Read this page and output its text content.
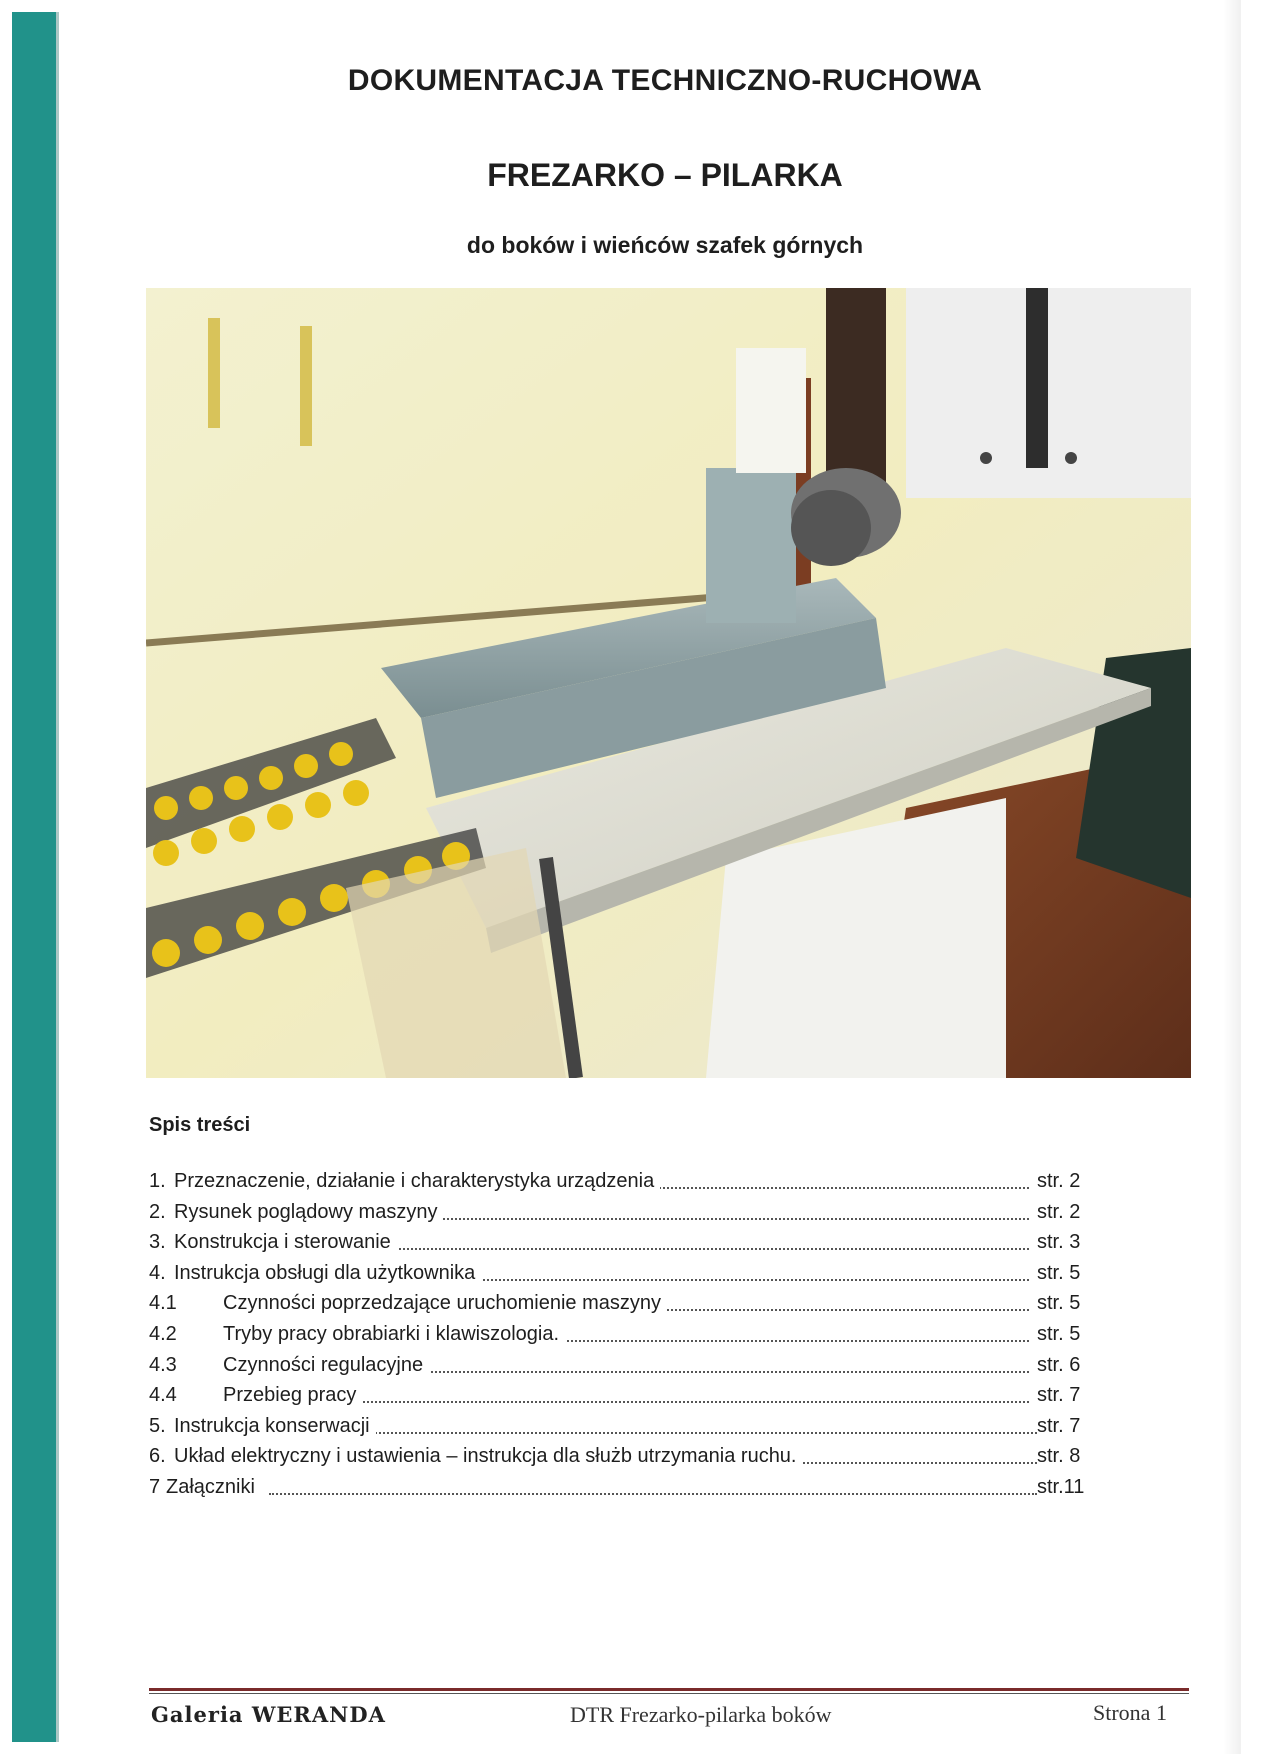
DOKUMENTACJA TECHNICZNO-RUCHOWA
FREZARKO – PILARKA
do boków i wieńców szafek górnych
Spis treści
1. Przeznaczenie, działanie i charakterystyka urządzenia	str. 2
2. Rysunek poglądowy maszyny	str. 2
3. Konstrukcja i sterowanie	str. 3
4. Instrukcja obsługi dla użytkownika	str. 5
4.1 Czynności poprzedzające uruchomienie maszyny	str. 5
4.2 Tryby pracy obrabiarki i klawiszologia.	str. 5
4.3 Czynności regulacyjne	str. 6
4.4 Przebieg pracy	str. 7
5. Instrukcja konserwacji	str. 7
6. Układ elektryczny i ustawienia – instrukcja dla służb utrzymania ruchu.	str. 8
7 Załączniki	str.11
Galeria WERANDA	DTR Frezarko-pilarka boków	Strona 1
